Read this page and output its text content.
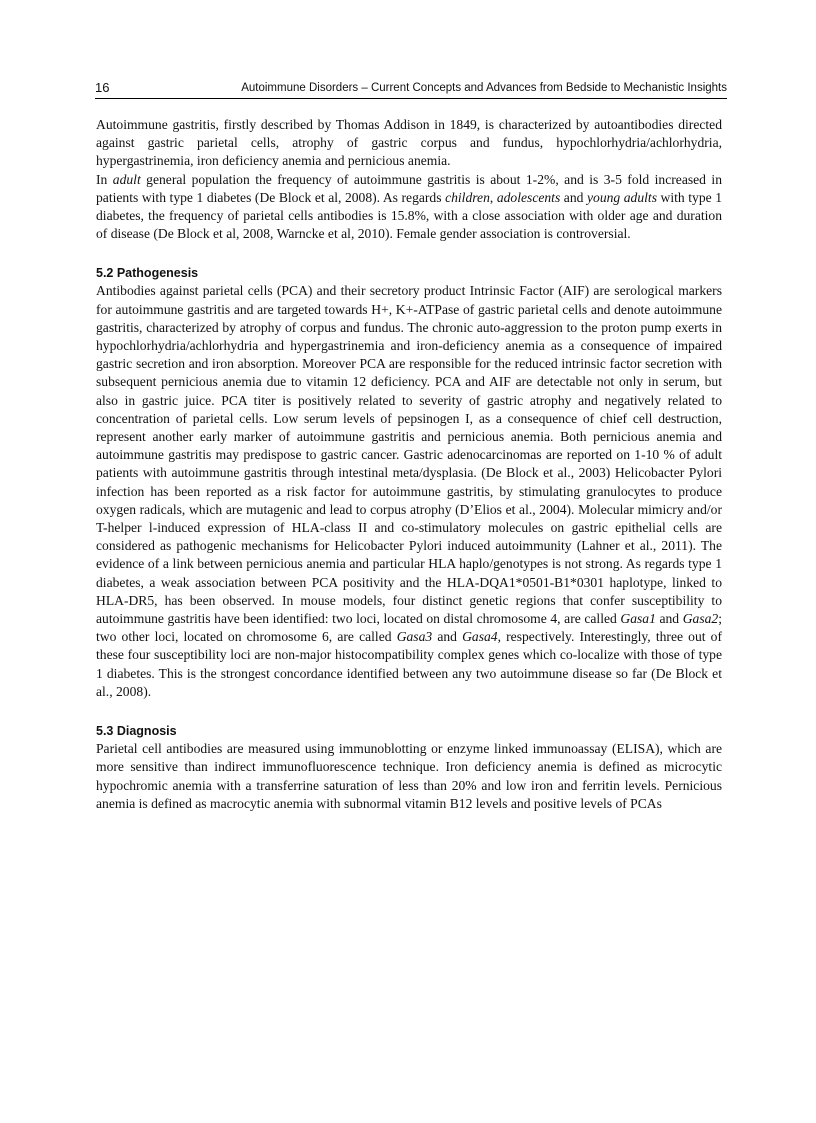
16	Autoimmune Disorders – Current Concepts and Advances from Bedside to Mechanistic Insights

Autoimmune gastritis, firstly described by Thomas Addison in 1849, is characterized by autoantibodies directed against gastric parietal cells, atrophy of gastric corpus and fundus, hypochlorhydria/achlorhydria, hypergastrinemia, iron deficiency anemia and pernicious anemia.

In adult general population the frequency of autoimmune gastritis is about 1-2%, and is 3-5 fold increased in patients with type 1 diabetes (De Block et al, 2008). As regards children, adolescents and young adults with type 1 diabetes, the frequency of parietal cells antibodies is 15.8%, with a close association with older age and duration of disease (De Block et al, 2008, Warncke et al, 2010). Female gender association is controversial.

5.2 Pathogenesis

Antibodies against parietal cells (PCA) and their secretory product Intrinsic Factor (AIF) are serological markers for autoimmune gastritis and are targeted towards H+, K+-ATPase of gastric parietal cells and denote autoimmune gastritis, characterized by atrophy of corpus and fundus. The chronic auto-aggression to the proton pump exerts in hypochlorhydria/achlorhydria and hypergastrinemia and iron-deficiency anemia as a consequence of impaired gastric secretion and iron absorption. Moreover PCA are responsible for the reduced intrinsic factor secretion with subsequent pernicious anemia due to vitamin 12 deficiency. PCA and AIF are detectable not only in serum, but also in gastric juice. PCA titer is positively related to severity of gastric atrophy and negatively related to concentration of parietal cells. Low serum levels of pepsinogen I, as a consequence of chief cell destruction, represent another early marker of autoimmune gastritis and pernicious anemia. Both pernicious anemia and autoimmune gastritis may predispose to gastric cancer. Gastric adenocarcinomas are reported on 1-10 % of adult patients with autoimmune gastritis through intestinal meta/dysplasia. (De Block et al., 2003) Helicobacter Pylori infection has been reported as a risk factor for autoimmune gastritis, by stimulating granulocytes to produce oxygen radicals, which are mutagenic and lead to corpus atrophy (D’Elios et al., 2004). Molecular mimicry and/or T-helper l-induced expression of HLA-class II and co-stimulatory molecules on gastric epithelial cells are considered as pathogenic mechanisms for Helicobacter Pylori induced autoimmunity (Lahner et al., 2011). The evidence of a link between pernicious anemia and particular HLA haplo/genotypes is not strong. As regards type 1 diabetes, a weak association between PCA positivity and the HLA-DQA1*0501-B1*0301 haplotype, linked to HLA-DR5, has been observed. In mouse models, four distinct genetic regions that confer susceptibility to autoimmune gastritis have been identified: two loci, located on distal chromosome 4, are called Gasa1 and Gasa2; two other loci, located on chromosome 6, are called Gasa3 and Gasa4, respectively. Interestingly, three out of these four susceptibility loci are non-major histocompatibility complex genes which co-localize with those of type 1 diabetes. This is the strongest concordance identified between any two autoimmune disease so far (De Block et al., 2008).

5.3 Diagnosis

Parietal cell antibodies are measured using immunoblotting or enzyme linked immunoassay (ELISA), which are more sensitive than indirect immunofluorescence technique. Iron deficiency anemia is defined as microcytic hypochromic anemia with a transferrine saturation of less than 20% and low iron and ferritin levels. Pernicious anemia is defined as macrocytic anemia with subnormal vitamin B12 levels and positive levels of PCAs
